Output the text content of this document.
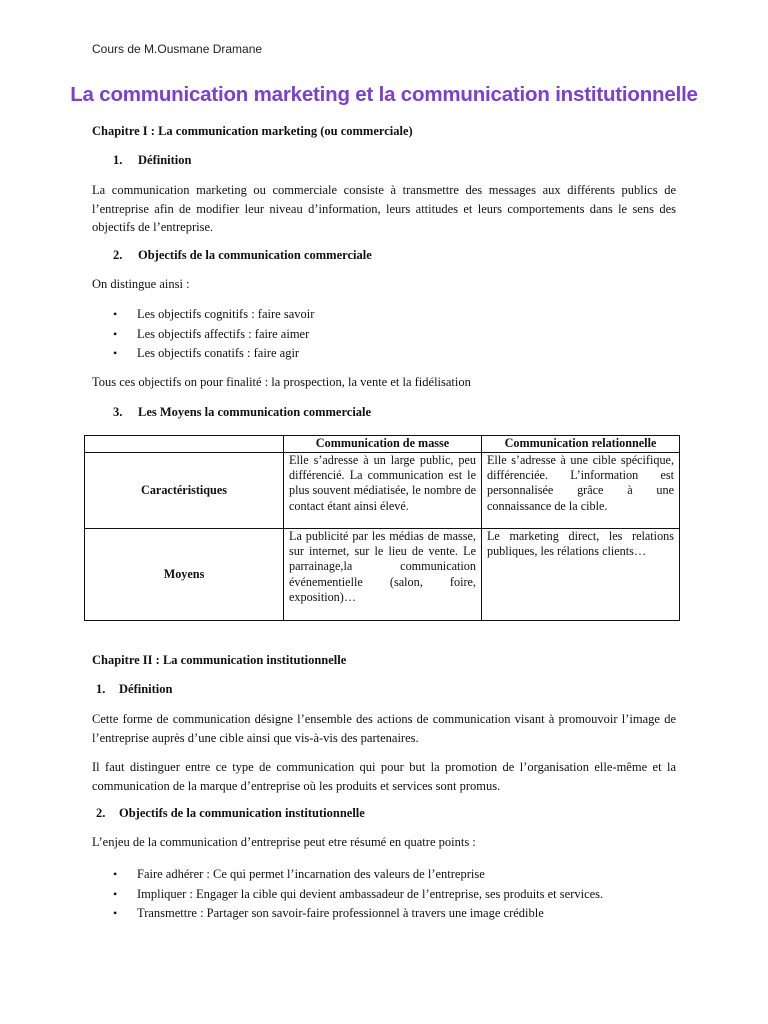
Cours de M.Ousmane Dramane
La communication marketing et la communication institutionnelle
Chapitre I : La communication marketing (ou commerciale)
1. Définition
La communication marketing ou commerciale consiste à transmettre des messages aux différents publics de l’entreprise afin de modifier leur niveau d’information, leurs attitudes et leurs comportements dans le sens des objectifs de l’entreprise.
2. Objectifs de la communication commerciale
On distingue ainsi :
• Les objectifs cognitifs : faire savoir
• Les objectifs affectifs : faire aimer
• Les objectifs conatifs : faire agir
Tous ces objectifs on pour finalité : la prospection, la vente et la fidélisation
3. Les Moyens la communication commerciale
	Communication de masse	Communication relationnelle
Caractéristiques	Elle s’adresse à un large public, peu différencié. La communication est le plus souvent médiatisée, le nombre de contact étant ainsi élevé.	Elle s’adresse à une cible spécifique, différenciée. L’information est personnalisée grâce à une connaissance de la cible.
Moyens	La publicité par les médias de masse, sur internet, sur le lieu de vente. Le parrainage,la communication événementielle (salon, foire, exposition)…	Le marketing direct, les relations publiques, les rélations clients…
Chapitre II : La communication institutionnelle
1. Définition
Cette forme de communication désigne l’ensemble des actions de communication visant à promouvoir l’image de l’entreprise auprès d’une cible ainsi que vis-à-vis des partenaires.
Il faut distinguer entre ce type de communication qui pour but la promotion de l’organisation elle-même et la communication de la marque d’entreprise où les produits et services sont promus.
2. Objectifs de la communication institutionnelle
L’enjeu de la communication d’entreprise peut etre résumé en quatre points :
• Faire adhérer : Ce qui permet l’incarnation des valeurs de l’entreprise
• Impliquer : Engager la cible qui devient ambassadeur de l’entreprise, ses produits et services.
• Transmettre : Partager son savoir-faire professionnel à travers une image crédible
